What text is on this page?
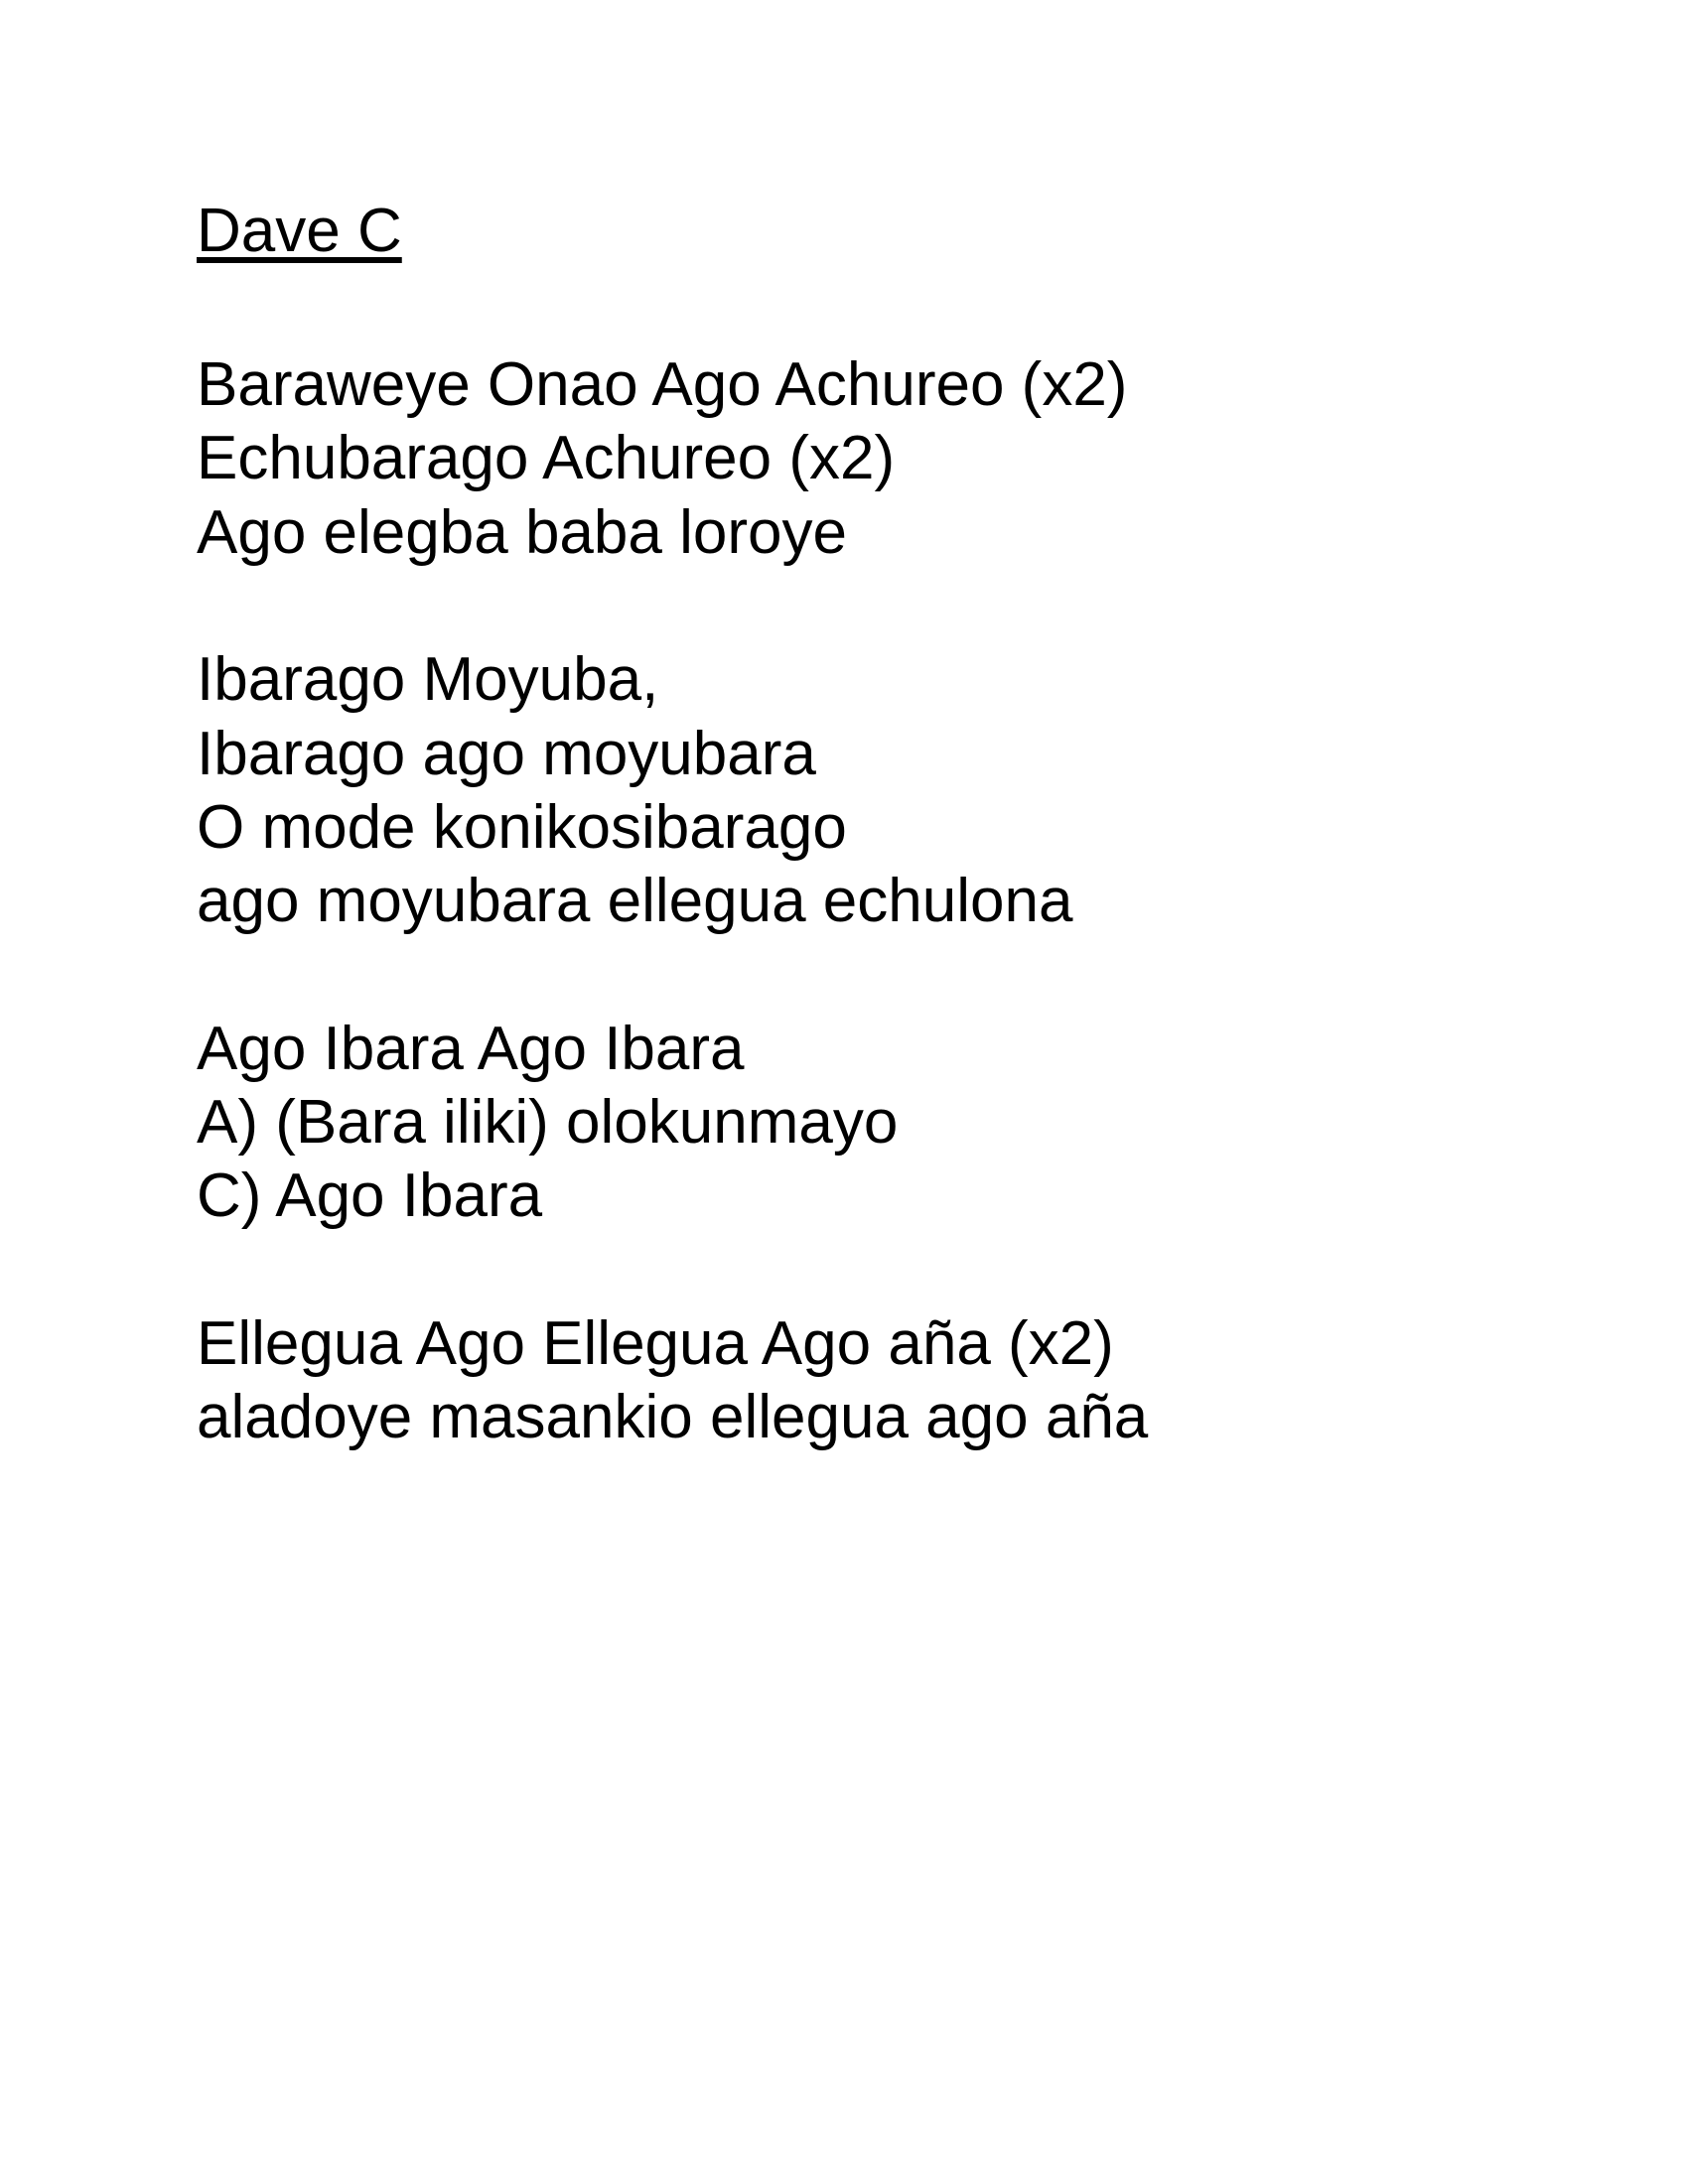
Dave C
Baraweye Onao Ago Achureo (x2)
Echubarago Achureo (x2)
Ago elegba baba loroye
Ibarago Moyuba,
Ibarago ago moyubara
O mode konikosibarago
ago moyubara ellegua echulona
Ago Ibara Ago Ibara
A) (Bara iliki) olokunmayo
C) Ago Ibara
Ellegua Ago Ellegua Ago aña (x2)
aladoye masankio ellegua ago aña
